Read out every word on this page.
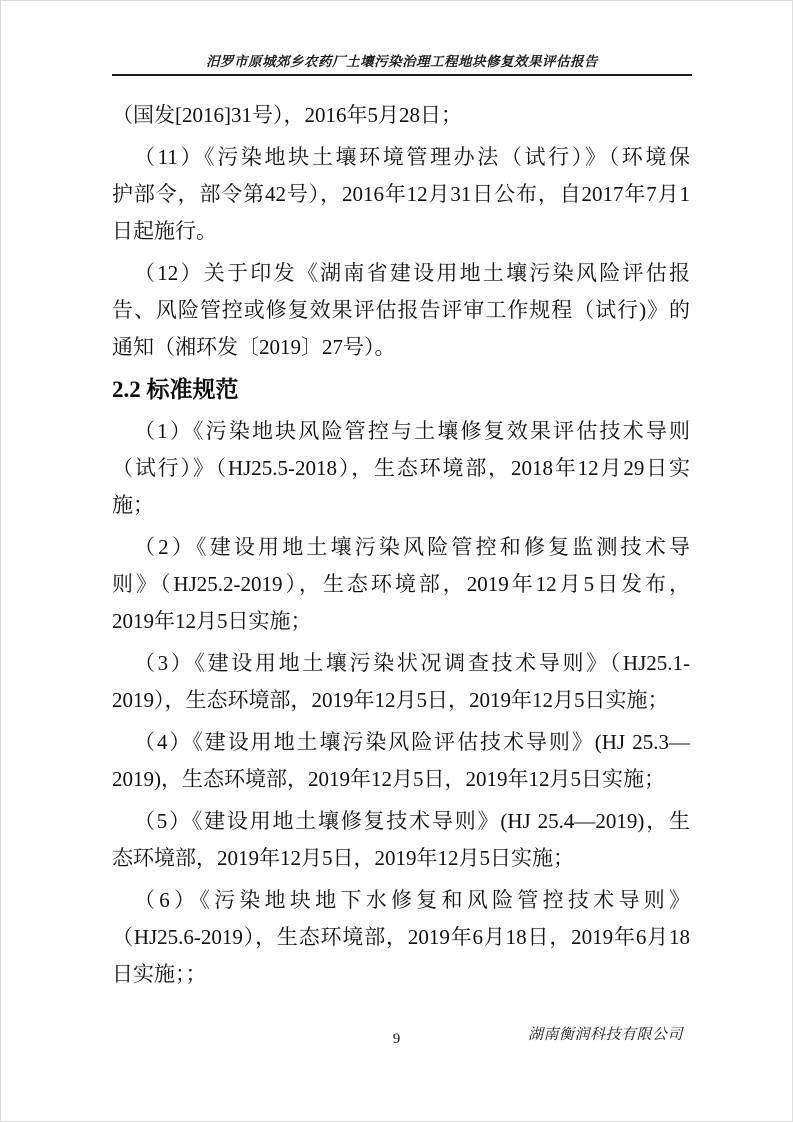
汨罗市原城郊乡农药厂土壤污染治理工程地块修复效果评估报告
（国发[2016]31号），2016年5月28日；
（11）《污染地块土壤环境管理办法（试行）》（环境保
护部令，部令第42号），2016年12月31日公布，自2017年7月1
日起施行。
（12）关于印发《湖南省建设用地土壤污染风险评估报
告、风险管控或修复效果评估报告评审工作规程（试行)》的
通知（湘环发〔2019〕27号）。
2.2 标准规范
（1）《污染地块风险管控与土壤修复效果评估技术导则
（试行）》（HJ25.5-2018），生态环境部，2018年12月29日实
施；
（2）《建设用地土壤污染风险管控和修复监测技术导
则》（HJ25.2-2019），生态环境部，2019年12月5日发布，
2019年12月5日实施；
（3）《建设用地土壤污染状况调查技术导则》（HJ25.1-
2019），生态环境部，2019年12月5日，2019年12月5日实施；
（4）《建设用地土壤污染风险评估技术导则》(HJ 25.3—
2019)，生态环境部，2019年12月5日，2019年12月5日实施；
（5）《建设用地土壤修复技术导则》(HJ 25.4—2019)，生
态环境部，2019年12月5日，2019年12月5日实施；
（6）《污染地块地下水修复和风险管控技术导则》
（HJ25.6-2019），生态环境部，2019年6月18日，2019年6月18
日实施；；
9	湖南衡润科技有限公司
